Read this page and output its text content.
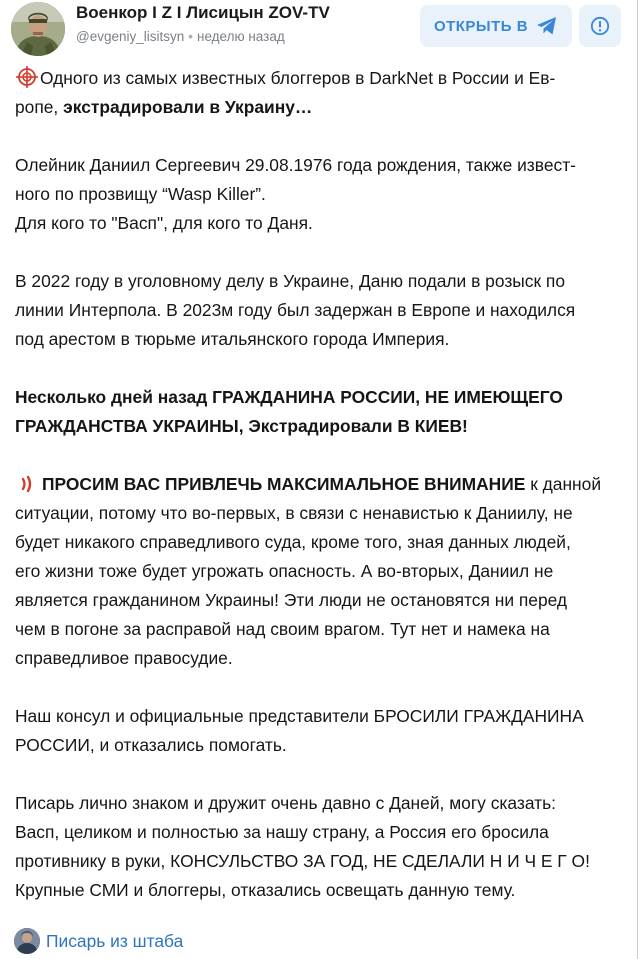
Военкор I Z I Лисицын ZOV-TV
@evgeniy_lisitsyn • неделю назад
ОТКРЫТЬ В

Одного из самых известных блоггеров в DarkNet в России и Ев-
ропе, экстрадировали в Украину…

Олейник Даниил Сергеевич 29.08.1976 года рождения, также извест-
ного по прозвищу “Wasp Killer”.
Для кого то "Васп", для кого то Даня.

В 2022 году в уголовному делу в Украине, Даню подали в розыск по
линии Интерпола. В 2023м году был задержан в Европе и находился
под арестом в тюрьме итальянского города Империя.

Несколько дней назад ГРАЖДАНИНА РОССИИ, НЕ ИМЕЮЩЕГО
ГРАЖДАНСТВА УКРАИНЫ, Экстрадировали В КИЕВ!

ПРОСИМ ВАС ПРИВЛЕЧЬ МАКСИМАЛЬНОЕ ВНИМАНИЕ к данной
ситуации, потому что во-первых, в связи с ненавистью к Даниилу, не
будет никакого справедливого суда, кроме того, зная данных людей,
его жизни тоже будет угрожать опасность. А во-вторых, Даниил не
является гражданином Украины! Эти люди не остановятся ни перед
чем в погоне за расправой над своим врагом. Тут нет и намека на
справедливое правосудие.

Наш консул и официальные представители БРОСИЛИ ГРАЖДАНИНА
РОССИИ, и отказались помогать.

Писарь лично знаком и дружит очень давно с Даней, могу сказать:
Васп, целиком и полностью за нашу страну, а Россия его бросила
противнику в руки, КОНСУЛЬСТВО ЗА ГОД, НЕ СДЕЛАЛИ Н И Ч Е Г О!
Крупные СМИ и блоггеры, отказались освещать данную тему.

Писарь из штаба
